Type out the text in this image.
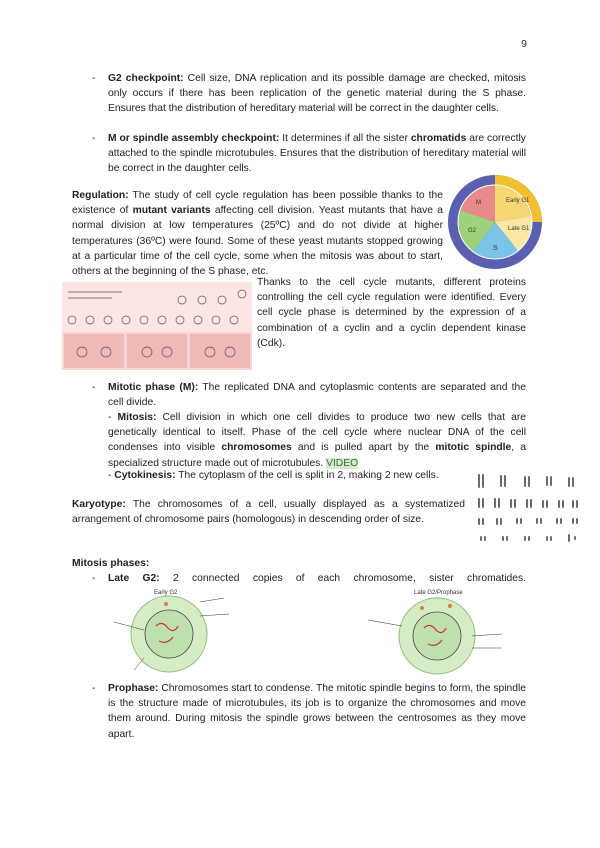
9
- G2 checkpoint: Cell size, DNA replication and its possible damage are checked, mitosis only occurs if there has been replication of the genetic material during the S phase. Ensures that the distribution of hereditary material will be correct in the daughter cells.
- M or spindle assembly checkpoint: It determines if all the sister chromatids are correctly attached to the spindle microtubules. Ensures that the distribution of hereditary material will be correct in the daughter cells.
Regulation: The study of cell cycle regulation has been possible thanks to the existence of mutant variants affecting cell division. Yeast mutants that have a normal division at low temperatures (25ºC) and do not divide at higher temperatures (36ºC) were found. Some of these yeast mutants stopped growing at a particular time of the cell cycle, some when the mitosis was about to start, others at the beginning of the S phase, etc.
Early G1
Late G1
S
G2
M
Thanks to the cell cycle mutants, different proteins controlling the cell cycle regulation were identified. Every cell cycle phase is determined by the expression of a combination of a cyclin and a cyclin dependent kinase (Cdk).
- Mitotic phase (M): The replicated DNA and cytoplasmic contents are separated and the cell divide.
- Mitosis: Cell division in which one cell divides to produce two new cells that are genetically identical to itself. Phase of the cell cycle where nuclear DNA of the cell condenses into visible chromosomes and is pulled apart by the mitotic spindle, a specialized structure made out of microtubules. VIDEO
- Cytokinesis: The cytoplasm of the cell is split in 2, making 2 new cells.
Karyotype: The chromosomes of a cell, usually displayed as a systematized arrangement of chromosome pairs (homologous) in descending order of size.
Mitosis phases:
- Late G2: 2 connected copies of each chromosome, sister chromatides.
Early G2	Late G2/Prophase
- Prophase: Chromosomes start to condense. The mitotic spindle begins to form, the spindle is the structure made of microtubules, its job is to organize the chromosomes and move them around. During mitosis the spindle grows between the centrosomes as they move apart.
